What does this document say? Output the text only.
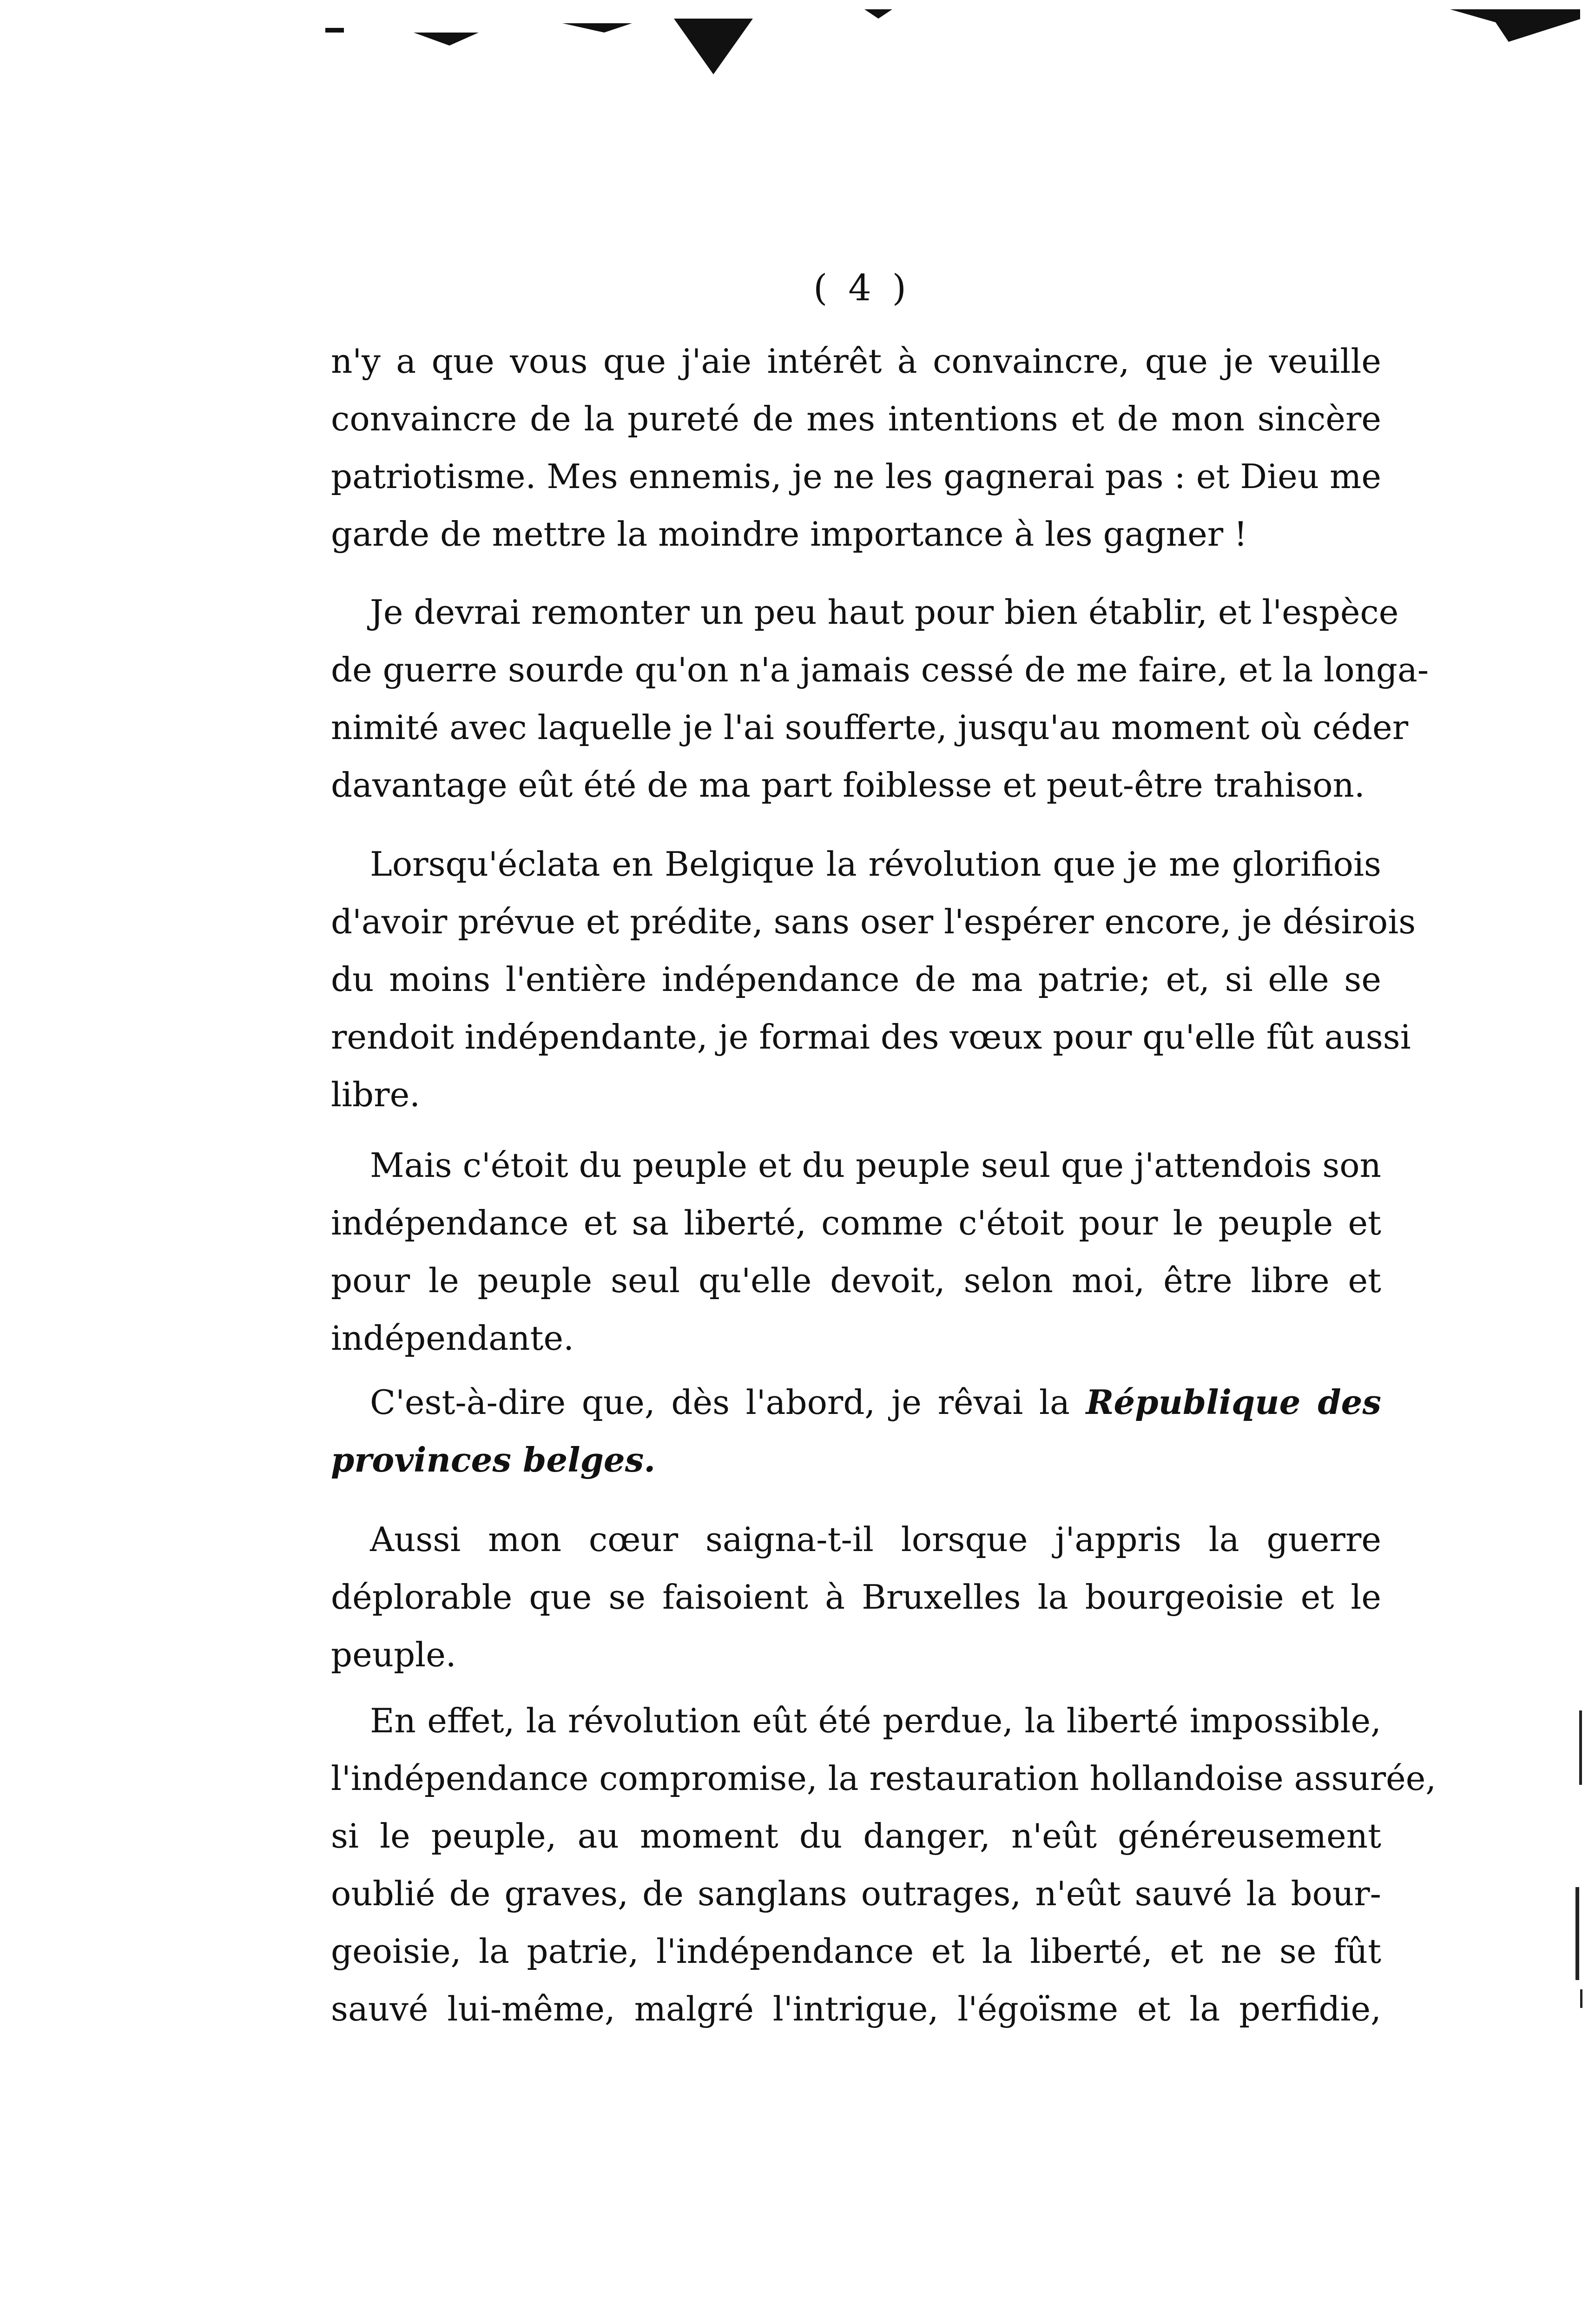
( 4 )
n'y a que vous que j'aie intérêt à convaincre, que je veuille
convaincre de la pureté de mes intentions et de mon sincère
patriotisme. Mes ennemis, je ne les gagnerai pas : et Dieu me
garde de mettre la moindre importance à les gagner !
Je devrai remonter un peu haut pour bien établir, et l'espèce
de guerre sourde qu'on n'a jamais cessé de me faire, et la longa-
nimité avec laquelle je l'ai soufferte, jusqu'au moment où céder
davantage eût été de ma part foiblesse et peut-être trahison.
Lorsqu'éclata en Belgique la révolution que je me glorifiois
d'avoir prévue et prédite, sans oser l'espérer encore, je désirois
du moins l'entière indépendance de ma patrie; et, si elle se
rendoit indépendante, je formai des vœux pour qu'elle fût aussi
libre.
Mais c'étoit du peuple et du peuple seul que j'attendois son
indépendance et sa liberté, comme c'étoit pour le peuple et
pour le peuple seul qu'elle devoit, selon moi, être libre et
indépendante.
C'est-à-dire que, dès l'abord, je rêvai la République des
provinces belges.
Aussi mon cœur saigna-t-il lorsque j'appris la guerre
déplorable que se faisoient à Bruxelles la bourgeoisie et le
peuple.
En effet, la révolution eût été perdue, la liberté impossible,
l'indépendance compromise, la restauration hollandoise assurée,
si le peuple, au moment du danger, n'eût généreusement
oublié de graves, de sanglans outrages, n'eût sauvé la bour-
geoisie, la patrie, l'indépendance et la liberté, et ne se fût
sauvé lui-même, malgré l'intrigue, l'égoïsme et la perfidie,
